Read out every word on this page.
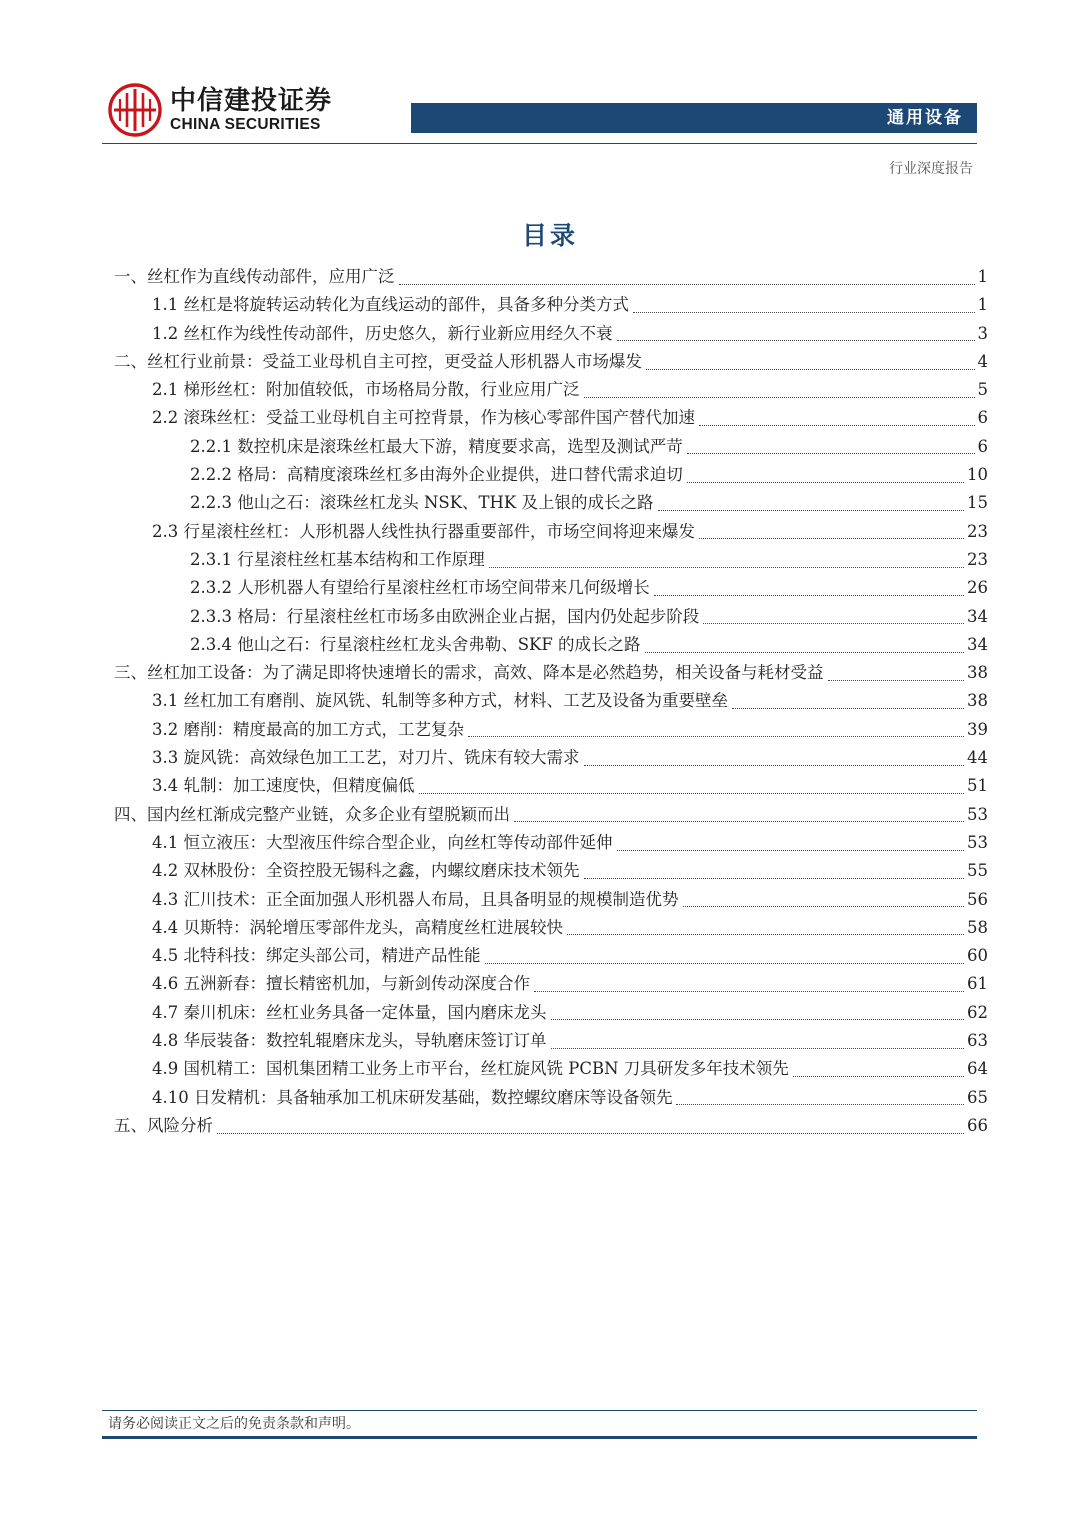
中信建投证券
CHINA SECURITIES	通用设备
行业深度报告
目录
一、丝杠作为直线传动部件，应用广泛	1
1.1 丝杠是将旋转运动转化为直线运动的部件，具备多种分类方式	1
1.2 丝杠作为线性传动部件，历史悠久，新行业新应用经久不衰	3
二、丝杠行业前景：受益工业母机自主可控，更受益人形机器人市场爆发	4
2.1 梯形丝杠：附加值较低，市场格局分散，行业应用广泛	5
2.2 滚珠丝杠：受益工业母机自主可控背景，作为核心零部件国产替代加速	6
2.2.1 数控机床是滚珠丝杠最大下游，精度要求高，选型及测试严苛	6
2.2.2 格局：高精度滚珠丝杠多由海外企业提供，进口替代需求迫切	10
2.2.3 他山之石：滚珠丝杠龙头 NSK、THK 及上银的成长之路	15
2.3 行星滚柱丝杠：人形机器人线性执行器重要部件，市场空间将迎来爆发	23
2.3.1 行星滚柱丝杠基本结构和工作原理	23
2.3.2 人形机器人有望给行星滚柱丝杠市场空间带来几何级增长	26
2.3.3 格局：行星滚柱丝杠市场多由欧洲企业占据，国内仍处起步阶段	34
2.3.4 他山之石：行星滚柱丝杠龙头舍弗勒、SKF 的成长之路	34
三、丝杠加工设备：为了满足即将快速增长的需求，高效、降本是必然趋势，相关设备与耗材受益	38
3.1 丝杠加工有磨削、旋风铣、轧制等多种方式，材料、工艺及设备为重要壁垒	38
3.2 磨削：精度最高的加工方式，工艺复杂	39
3.3 旋风铣：高效绿色加工工艺，对刀片、铣床有较大需求	44
3.4 轧制：加工速度快，但精度偏低	51
四、国内丝杠渐成完整产业链，众多企业有望脱颖而出	53
4.1 恒立液压：大型液压件综合型企业，向丝杠等传动部件延伸	53
4.2 双林股份：全资控股无锡科之鑫，内螺纹磨床技术领先	55
4.3 汇川技术：正全面加强人形机器人布局，且具备明显的规模制造优势	56
4.4 贝斯特：涡轮增压零部件龙头，高精度丝杠进展较快	58
4.5 北特科技：绑定头部公司，精进产品性能	60
4.6 五洲新春：擅长精密机加，与新剑传动深度合作	61
4.7 秦川机床：丝杠业务具备一定体量，国内磨床龙头	62
4.8 华辰装备：数控轧辊磨床龙头，导轨磨床签订订单	63
4.9 国机精工：国机集团精工业务上市平台，丝杠旋风铣 PCBN 刀具研发多年技术领先	64
4.10 日发精机：具备轴承加工机床研发基础，数控螺纹磨床等设备领先	65
五、风险分析	66
请务必阅读正文之后的免责条款和声明。
